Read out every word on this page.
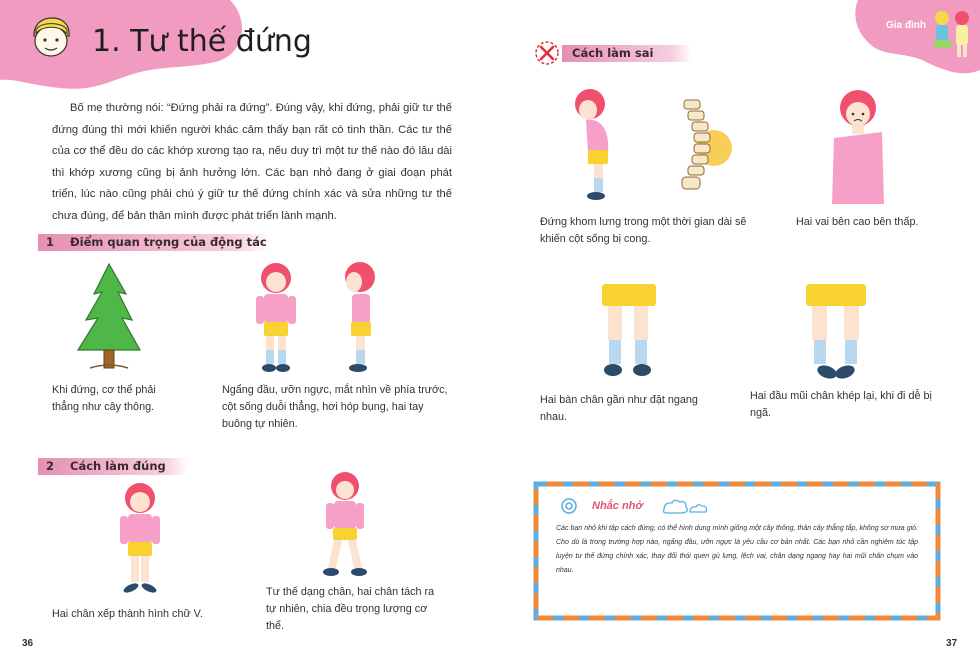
1. Tư thế đứng

Bố mẹ thường nói: “Đứng phải ra đứng”. Đúng vậy, khi đứng, phải giữ tư thế đứng đúng thì mới khiến người khác cảm thấy bạn rất có tinh thần. Các tư thế của cơ thể đều do các khớp xương tạo ra, nếu duy trì một tư thế nào đó lâu dài thì khớp xương cũng bị ảnh hưởng lớn. Các bạn nhỏ đang ở giai đoạn phát triển, lúc nào cũng phải chú ý giữ tư thế đứng chính xác và sửa những tư thế chưa đúng, để bản thân mình được phát triển lành mạnh.

1 Điểm quan trọng của động tác
Khi đứng, cơ thể phải thẳng như cây thông.
Ngẩng đầu, ưỡn ngực, mắt nhìn về phía trước, cột sống duỗi thẳng, hơi hóp bụng, hai tay buông tự nhiên.
2 Cách làm đúng
Hai chân xếp thành hình chữ V.
Tư thế dạng chân, hai chân tách ra tự nhiên, chia đều trọng lượng cơ thể.
36
Gia đình
Cách làm sai
Đứng khom lưng trong một thời gian dài sẽ khiến cột sống bị cong.
Hai vai bên cao bên thấp.
Hai bàn chân gần như đặt ngang nhau.
Hai đầu mũi chân khép lại, khi đi dễ bị ngã.
Nhắc nhở

Các bạn nhỏ khi tập cách đứng, có thể hình dung mình giống một cây thông, thân cây thẳng tắp, không sợ mưa gió. Cho dù là trong trường hợp nào, ngẩng đầu, ưỡn ngực là yêu cầu cơ bản nhất. Các bạn nhỏ cần nghiêm túc tập luyện tư thế đứng chính xác, thay đổi thói quen gù lưng, lệch vai, chân dạng ngang hay hai mũi chân chụm vào nhau.

37
